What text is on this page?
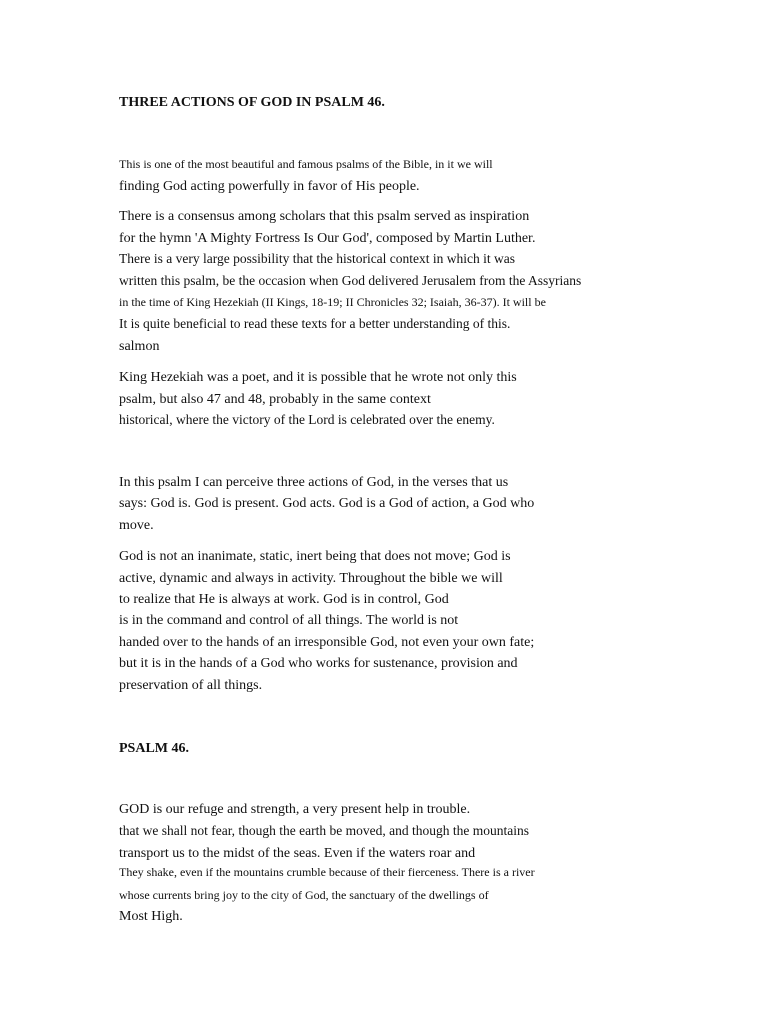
THREE ACTIONS OF GOD IN PSALM 46.
This is one of the most beautiful and famous psalms of the Bible, in it we will
finding God acting powerfully in favor of His people.
There is a consensus among scholars that this psalm served as inspiration
for the hymn 'A Mighty Fortress Is Our God', composed by Martin Luther.
There is a very large possibility that the historical context in which it was
written this psalm, be the occasion when God delivered Jerusalem from the Assyrians
in the time of King Hezekiah (II Kings, 18-19; II Chronicles 32; Isaiah, 36-37). It will be
It is quite beneficial to read these texts for a better understanding of this.
salmon
King Hezekiah was a poet, and it is possible that he wrote not only this
psalm, but also 47 and 48, probably in the same context
historical, where the victory of the Lord is celebrated over the enemy.
In this psalm I can perceive three actions of God, in the verses that us
says: God is. God is present. God acts. God is a God of action, a God who
move.
God is not an inanimate, static, inert being that does not move; God is
active, dynamic and always in activity. Throughout the bible we will
to realize that He is always at work. God is in control, God
is in the command and control of all things. The world is not
handed over to the hands of an irresponsible God, not even your own fate;
but it is in the hands of a God who works for sustenance, provision and
preservation of all things.
PSALM 46.
GOD is our refuge and strength, a very present help in trouble.
that we shall not fear, though the earth be moved, and though the mountains
transport us to the midst of the seas. Even if the waters roar and
They shake, even if the mountains crumble because of their fierceness. There is a river
whose currents bring joy to the city of God, the sanctuary of the dwellings of
Most High.
